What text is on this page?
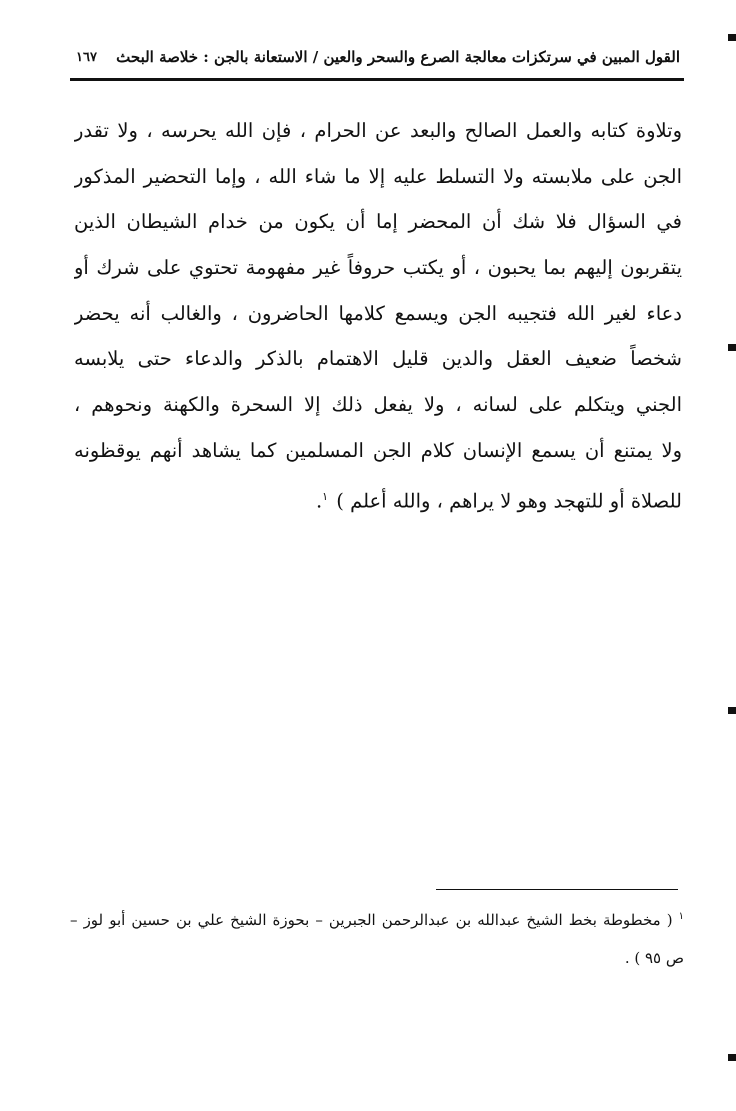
القول المبين في سرتكزات معالجة الصرع والسحر والعين / الاستعانة بالجن : خلاصة البحث
١٦٧
وتلاوة كتابه والعمل الصالح والبعد عن الحرام ، فإن الله يحرسه ، ولا تقدر
الجن على ملابسته ولا التسلط عليه إلا ما شاء الله ، وإما التحضير المذكور
في السؤال فلا شك أن المحضر إما أن يكون من خدام الشيطان الذين
يتقربون إليهم بما يحبون ، أو يكتب حروفاً غير مفهومة تحتوي على شرك أو
دعاء لغير الله فتجيبه الجن ويسمع كلامها الحاضرون ، والغالب أنه يحضر
شخصاً ضعيف العقل والدين قليل الاهتمام بالذكر والدعاء حتى يلابسه
الجني ويتكلم على لسانه ، ولا يفعل ذلك إلا السحرة والكهنة ونحوهم ،
ولا يمتنع أن يسمع الإنسان كلام الجن المسلمين كما يشاهد أنهم يوقظونه
للصلاة أو للتهجد وهو لا يراهم ، والله أعلم ) $^١$.
$^١$( مخطوطة بخط الشيخ عبدالله بن عبدالرحمن الجبرين – بحوزة الشيخ علي بن حسين أبو لوز –
ص ٩٥ ) .
